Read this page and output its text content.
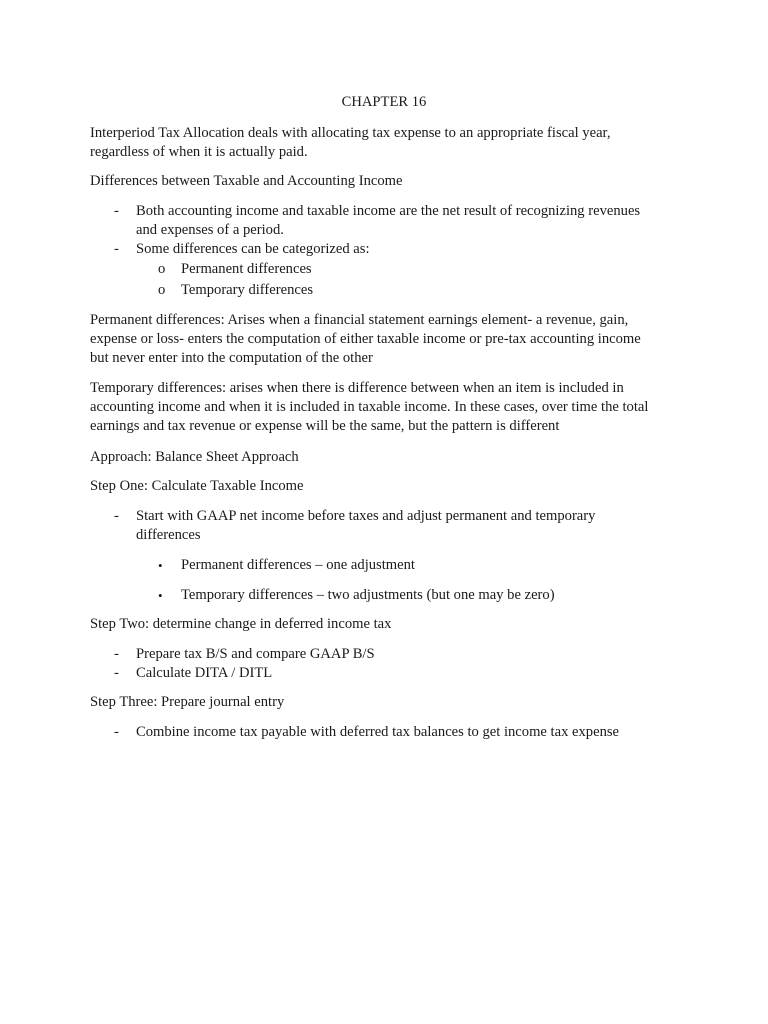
CHAPTER 16
Interperiod Tax Allocation deals with allocating tax expense to an appropriate fiscal year,
regardless of when it is actually paid.
Differences between Taxable and Accounting Income
- Both accounting income and taxable income are the net result of recognizing revenues
and expenses of a period.
- Some differences can be categorized as:
o Permanent differences
o Temporary differences
Permanent differences: Arises when a financial statement earnings element- a revenue, gain,
expense or loss- enters the computation of either taxable income or pre-tax accounting income
but never enter into the computation of the other
Temporary differences: arises when there is difference between when an item is included in
accounting income and when it is included in taxable income. In these cases, over time the total
earnings and tax revenue or expense will be the same, but the pattern is different
Approach: Balance Sheet Approach
Step One: Calculate Taxable Income
- Start with GAAP net income before taxes and adjust permanent and temporary
differences
• Permanent differences – one adjustment
• Temporary differences – two adjustments (but one may be zero)
Step Two: determine change in deferred income tax
- Prepare tax B/S and compare GAAP B/S
- Calculate DITA / DITL
Step Three: Prepare journal entry
- Combine income tax payable with deferred tax balances to get income tax expense
